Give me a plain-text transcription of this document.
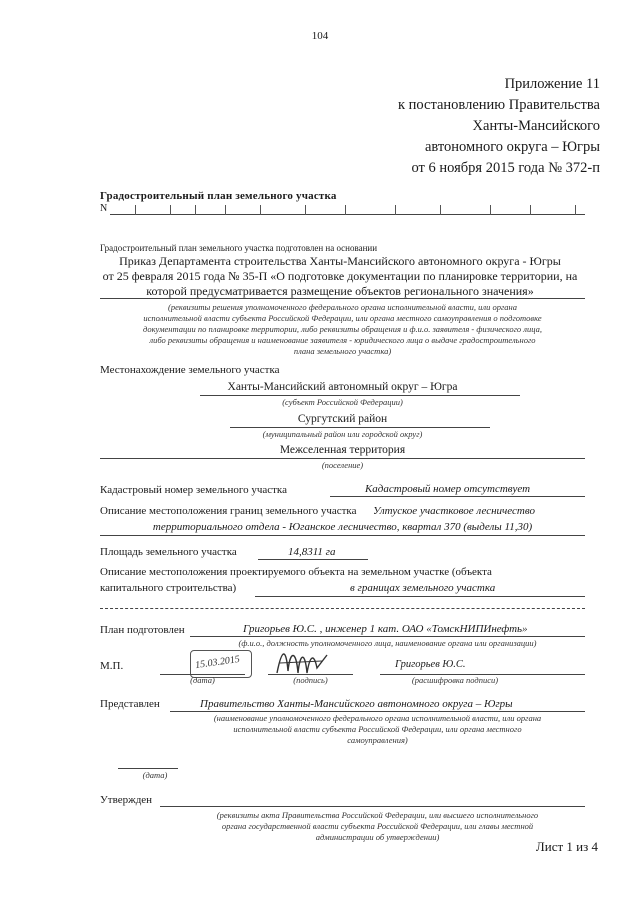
104
Приложение 11
к постановлению Правительства
Ханты-Мансийского
автономного округа – Югры
от 6 ноября 2015 года № 372-п
Градостроительный план земельного участка
N
Градостроительный план земельного участка подготовлен на основании
Приказ Департамента строительства Ханты-Мансийского автономного округа - Югры
от 25 февраля 2015 года № 35-П «О подготовке документации по планировке территории, на
которой предусматривается размещение объектов регионального значения»
(реквизиты решения уполномоченного федерального органа исполнительной власти, или органа
исполнительной власти субъекта Российской Федерации, или органа местного самоуправления о подготовке
документации по планировке территории, либо реквизиты обращения и ф.и.о. заявителя - физического лица,
либо реквизиты обращения и наименование заявителя - юридического лица о выдаче градостроительного
плана земельного участка)
Местонахождение земельного участка
Ханты-Мансийский автономный округ – Югра
(субъект Российской Федерации)
Сургутский район
(муниципальный район или городской округ)
Межселенная территория
(поселение)
Кадастровый номер земельного участка	Кадастровый номер отсутствует
Описание местоположения границ земельного участка Ултуское участковое лесничество
территориального отдела - Юганское лесничество, квартал 370 (выделы 11,30)
Площадь земельного участка	14,8311 га
Описание местоположения проектируемого объекта на земельном участке (объекта
капитального строительства)	в границах земельного участка
План подготовлен	Григорьев Ю.С. , инженер 1 кат. ОАО «ТомскНИПИнефть»
(ф.и.о., должность уполномоченного лица, наименование органа или организации)
М.П.	15.03.2015	Григорьев Ю.С.
(дата)	(подпись)	(расшифровка подписи)
Представлен	Правительство Ханты-Мансийского автономного округа – Югры
(наименование уполномоченного федерального органа исполнительной власти, или органа
исполнительной власти субъекта Российской Федерации, или органа местного
самоуправления)
(дата)
Утвержден
(реквизиты акта Правительства Российской Федерации, или высшего исполнительного
органа государственной власти субъекта Российской Федерации, или главы местной
администрации об утверждении)
Лист 1 из 4
